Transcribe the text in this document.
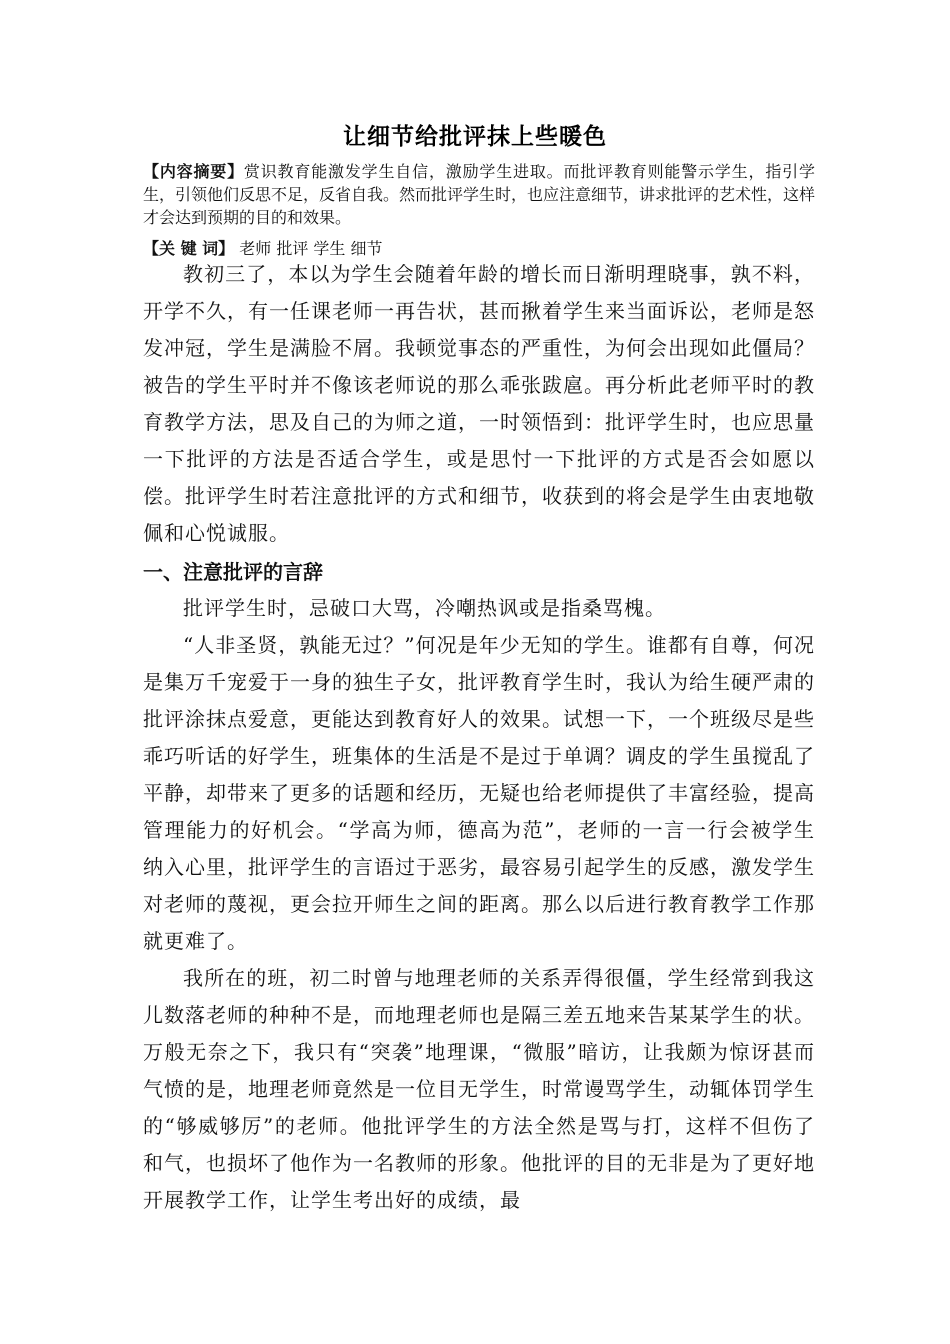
让细节给批评抹上些暖色
【内容摘要】赏识教育能激发学生自信，激励学生进取。而批评教育则能警示学生，指引学生，引领他们反思不足，反省自我。然而批评学生时，也应注意细节，讲求批评的艺术性，这样才会达到预期的目的和效果。
【关 键 词】 老师 批评 学生 细节

教初三了，本以为学生会随着年龄的增长而日渐明理晓事，孰不料，开学不久，有一任课老师一再告状，甚而揪着学生来当面诉讼，老师是怒发冲冠，学生是满脸不屑。我顿觉事态的严重性，为何会出现如此僵局？被告的学生平时并不像该老师说的那么乖张跋扈。再分析此老师平时的教育教学方法，思及自己的为师之道，一时领悟到：批评学生时，也应思量一下批评的方法是否适合学生，或是思忖一下批评的方式是否会如愿以偿。批评学生时若注意批评的方式和细节，收获到的将会是学生由衷地敬佩和心悦诚服。

一、注意批评的言辞

批评学生时，忌破口大骂，冷嘲热讽或是指桑骂槐。

“人非圣贤，孰能无过？”何况是年少无知的学生。谁都有自尊，何况是集万千宠爱于一身的独生子女，批评教育学生时，我认为给生硬严肃的批评涂抹点爱意，更能达到教育好人的效果。试想一下，一个班级尽是些乖巧听话的好学生，班集体的生活是不是过于单调？调皮的学生虽搅乱了平静，却带来了更多的话题和经历，无疑也给老师提供了丰富经验，提高管理能力的好机会。“学高为师，德高为范”，老师的一言一行会被学生纳入心里，批评学生的言语过于恶劣，最容易引起学生的反感，激发学生对老师的蔑视，更会拉开师生之间的距离。那么以后进行教育教学工作那就更难了。

我所在的班，初二时曾与地理老师的关系弄得很僵，学生经常到我这儿数落老师的种种不是，而地理老师也是隔三差五地来告某某学生的状。万般无奈之下，我只有“突袭”地理课，“微服”暗访，让我颇为惊讶甚而气愤的是，地理老师竟然是一位目无学生，时常谩骂学生，动辄体罚学生的“够威够厉”的老师。他批评学生的方法全然是骂与打，这样不但伤了和气，也损坏了他作为一名教师的形象。他批评的目的无非是为了更好地开展教学工作，让学生考出好的成绩，最
